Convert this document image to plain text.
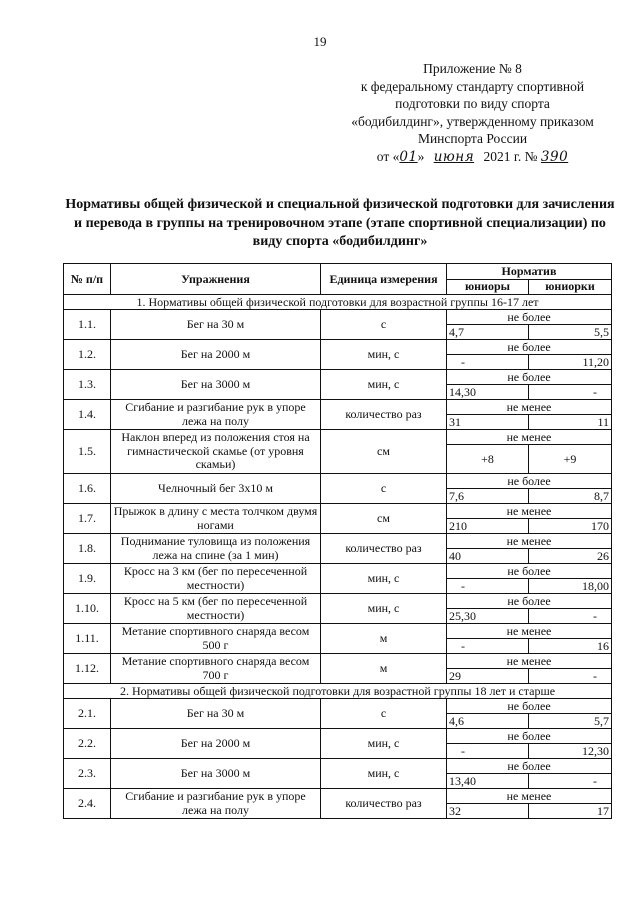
19
Приложение № 8
к федеральному стандарту спортивной
подготовки по виду спорта
«бодибилдинг», утвержденному приказом
Минспорта России
от «01» июня 2021 г. № 390
Нормативы общей физической и специальной физической подготовки для зачисления и перевода в группы на тренировочном этапе (этапе спортивной специализации) по виду спорта «бодибилдинг»
№ п/п	Упражнения	Единица измерения	Норматив	
			юниоры	юниорки
1. Нормативы общей физической подготовки для возрастной группы 16-17 лет				
1.1.	Бег на 30 м	с	не более	
			4,7	5,5
1.2.	Бег на 2000 м	мин, с	не более	
			-	11,20
1.3.	Бег на 3000 м	мин, с	не более	
			14,30	-
1.4.	Сгибание и разгибание рук в упоре лежа на полу	количество раз	не менее	
			31	11
1.5.	Наклон вперед из положения стоя на гимнастической скамье (от уровня скамьи)	см	не менее	
			+8	+9
1.6.	Челночный бег 3x10 м	с	не более	
			7,6	8,7
1.7.	Прыжок в длину с места толчком двумя ногами	см	не менее	
			210	170
1.8.	Поднимание туловища из положения лежа на спине (за 1 мин)	количество раз	не менее	
			40	26
1.9.	Кросс на 3 км (бег по пересеченной местности)	мин, с	не более	
			-	18,00
1.10.	Кросс на 5 км (бег по пересеченной местности)	мин, с	не более	
			25,30	-
1.11.	Метание спортивного снаряда весом 500 г	м	не менее	
			-	16
1.12.	Метание спортивного снаряда весом 700 г	м	не менее	
			29	-
2. Нормативы общей физической подготовки для возрастной группы 18 лет и старше				
2.1.	Бег на 30 м	с	не более	
			4,6	5,7
2.2.	Бег на 2000 м	мин, с	не более	
			-	12,30
2.3.	Бег на 3000 м	мин, с	не более	
			13,40	-
2.4.	Сгибание и разгибание рук в упоре лежа на полу	количество раз	не менее	
			32	17
